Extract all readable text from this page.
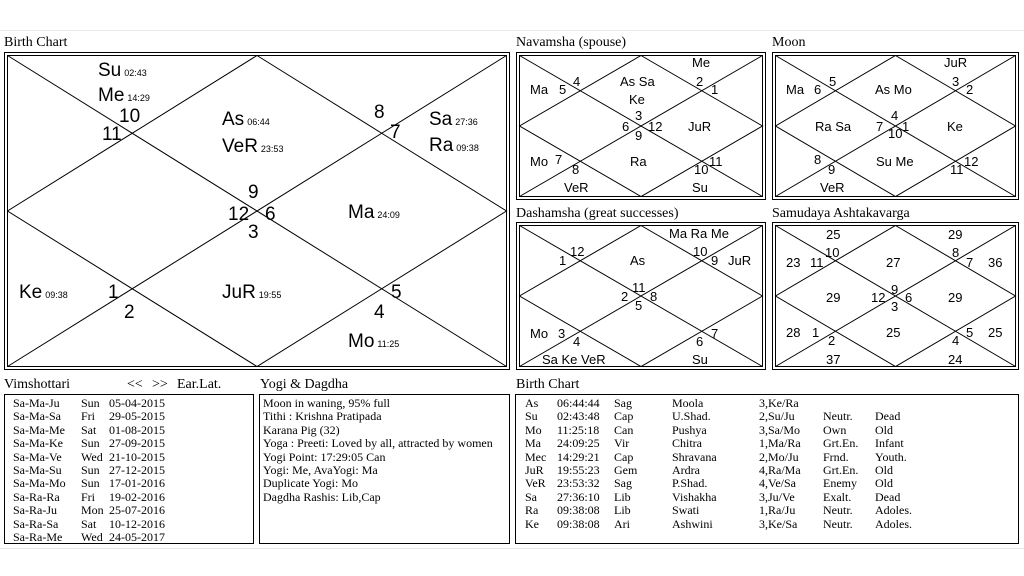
Birth Chart
10
11
8
7
9
12 6
3
1
2
5
4
Su 02:43
Me 14:29
As 06:44
VeR 23:53
Sa 27:36
Ra 09:38
Ma 24:09
Ke 09:38	JuR 19:55
Mo 11:25
Navamsha (spouse)
Me
Ma 5
4	As Sa	2
1
Ke
3
6 12
9
JuR
Mo 7
8
Ra
10
11
VeR	Su
Moon
JuR
Ma 6
5
As Mo
3
2
4
Ra Sa 7 10 1	Ke
8
9
Su Me
11
12
VeR
Dashamsha (great successes)
Ma Ra Me
1
12
As
10
9 JuR
11
2 8
5
Mo 3
4	6
7
Sa Ke VeR	Su
Samudaya Ashtakavarga
25	29
23 11
10
27
8
7 36
29 12
9
6
3
29
28 1
2
25
4
5 25
37	24
Vimshottari	<< >> Ear.Lat.
Sa-Ma-Ju	Sun 05-04-2015
Sa-Ma-Sa	Fri	29-05-2015
Sa-Ma-Me	Sat	01-08-2015
Sa-Ma-Ke	Sun 27-09-2015
Sa-Ma-Ve	Wed 21-10-2015
Sa-Ma-Su	Sun 27-12-2015
Sa-Ma-Mo	Sun 17-01-2016
Sa-Ra-Ra	Fri	19-02-2016
Sa-Ra-Ju	Mon 25-07-2016
Sa-Ra-Sa	Sat	10-12-2016
Sa-Ra-Me	Wed 24-05-2017
Yogi & Dagdha
Moon in waning, 95% full
Tithi : Krishna Pratipada
Karana Pig (32)
Yoga : Preeti: Loved by all, attracted by women
Yogi Point: 17:29:05 Can
Yogi: Me, AvaYogi: Ma
Duplicate Yogi: Mo
Dagdha Rashis: Lib,Cap
Birth Chart
As	06:44:44	Sag	Moola	3,Ke/Ra
Su	02:43:48	Cap	U.Shad.	2,Su/Ju	Neutr.	Dead
Mo	11:25:18	Can	Pushya	3,Sa/Mo	Own	Old
Ma	24:09:25	Vir	Chitra	1,Ma/Ra	Grt.En.	Infant
Mec 14:29:21	Cap	Shravana	2,Mo/Ju	Frnd.	Youth.
JuR	19:55:23	Gem	Ardra	4,Ra/Ma	Grt.En.	Old
VeR 23:53:32	Sag	P.Shad.	4,Ve/Sa	Enemy	Old
Sa	27:36:10	Lib	Vishakha	3,Ju/Ve	Exalt.	Dead
Ra	09:38:08	Lib	Swati	1,Ra/Ju	Neutr.	Adoles.
Ke	09:38:08	Ari	Ashwini	3,Ke/Sa	Neutr.	Adoles.
